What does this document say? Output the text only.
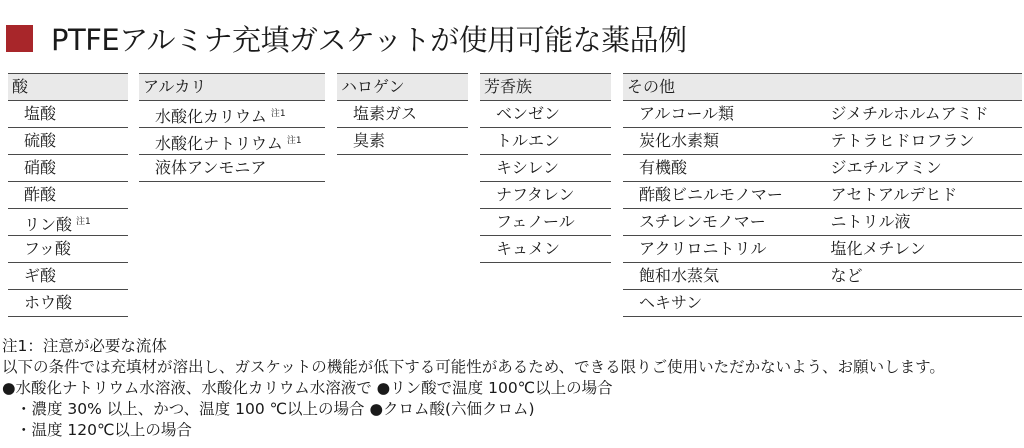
PTFEアルミナ充填ガスケットが使用可能な薬品例
酸
塩酸
硫酸
硝酸
酢酸
リン酸 $^{注1}$
フッ酸
ギ酸
ホウ酸
アルカリ
水酸化カリウム $^{注1}$
水酸化ナトリウム $^{注1}$
液体アンモニア
ハロゲン
塩素ガス
臭素
芳香族
ベンゼン
トルエン
キシレン
ナフタレン
フェノール
キュメン
その他
アルコール類	ジメチルホルムアミド
炭化水素類	テトラヒドロフラン
有機酸	ジエチルアミン
酢酸ビニルモノマー	アセトアルデヒド
スチレンモノマー	ニトリル液
アクリロニトリル	塩化メチレン
飽和水蒸気	など
ヘキサン
注1：注意が必要な流体
以下の条件では充填材が溶出し、ガスケットの機能が低下する可能性があるため、できる限りご使用いただかないよう、お願いします。
●水酸化ナトリウム水溶液、水酸化カリウム水溶液で ●リン酸で温度 100℃以上の場合
・濃度 30% 以上、かつ、温度 100 ℃以上の場合 ●クロム酸(六価クロム)
・温度 120℃以上の場合
